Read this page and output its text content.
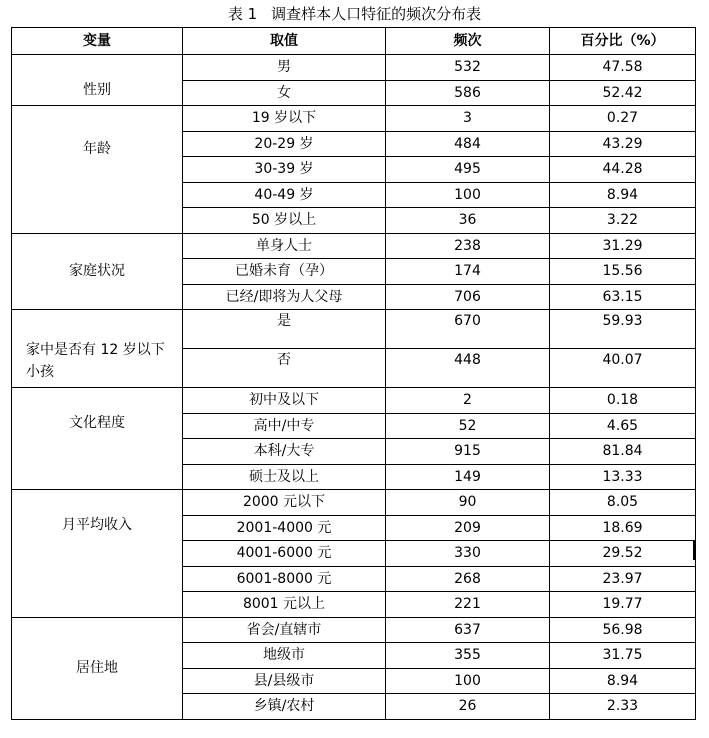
表 1 调查样本人口特征的频次分布表
变量	取值	频次	百分比（%）
性别	男	532	47.58
	女	586	52.42

年龄	19 岁以下	3	0.27
	20-29 岁	484	43.29
	30-39 岁	495	44.28
	40-49 岁	100	8.94
	50 岁以上	36	3.22
家庭状况	单身人士	238	31.29
	已婚未育（孕）	174	15.56
	已经/即将为人父母	706	63.15
家中是否有 12 岁以下小孩	是	670	59.93
	否	448	40.07

文化程度	初中及以下	2	0.18
	高中/中专	52	4.65
	本科/大专	915	81.84
	硕士及以上	149	13.33

月平均收入	2000 元以下	90	8.05
	2001-4000 元	209	18.69
	4001-6000 元	330	29.52
	6001-8000 元	268	23.97
	8001 元以上	221	19.77
居住地	省会/直辖市	637	56.98
	地级市	355	31.75
	县/县级市	100	8.94
	乡镇/农村	26	2.33
